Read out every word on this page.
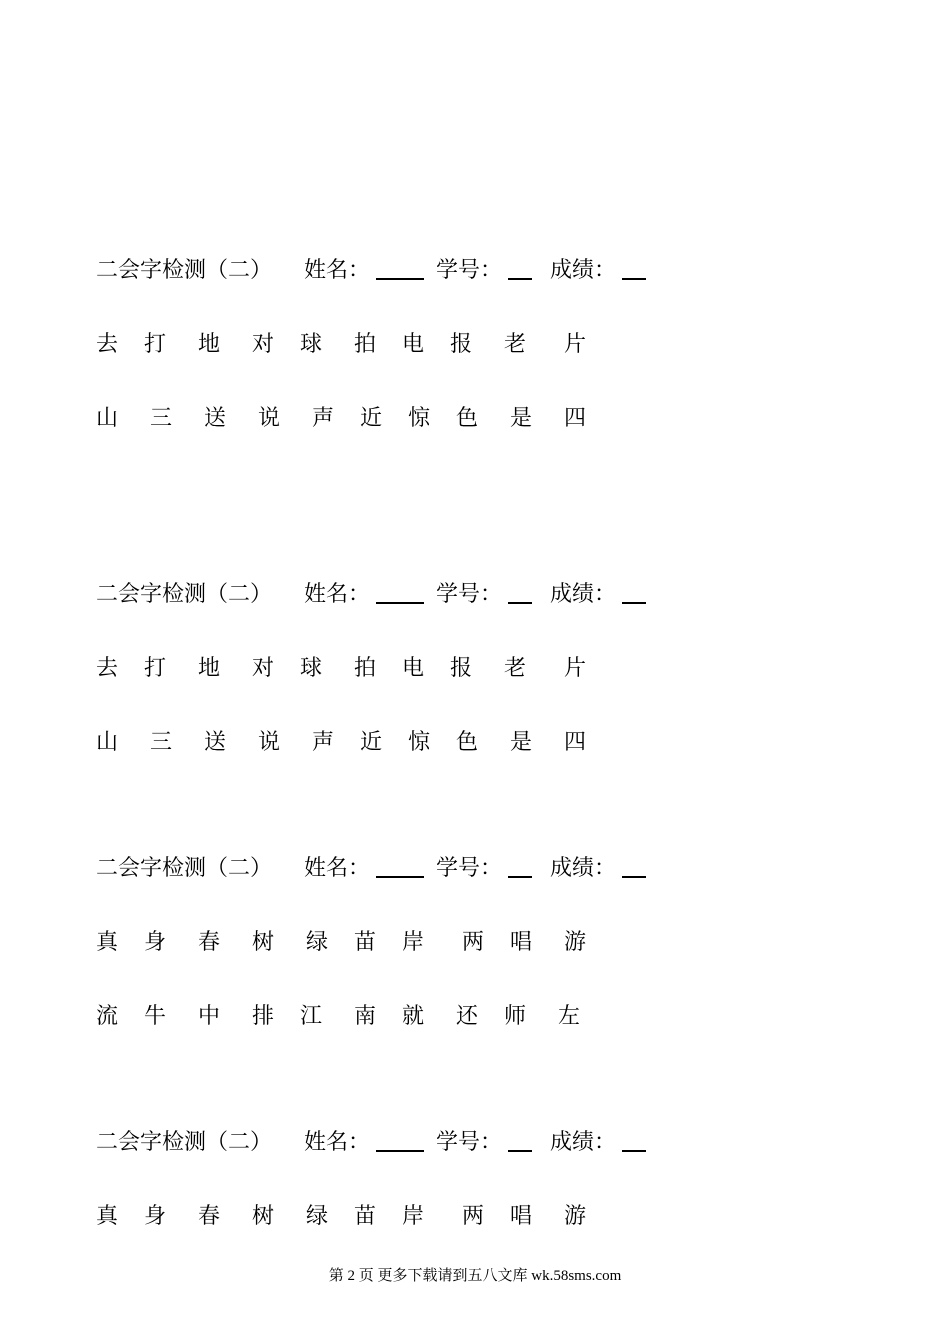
二会字检测（二） 姓名：	学号： 成绩：
去 打 地 对 球 拍 电 报 老 片
山 三 送 说 声 近 惊 色 是 四
二会字检测（二） 姓名：	学号： 成绩：
去 打 地 对 球 拍 电 报 老 片
山 三 送 说 声 近 惊 色 是 四
二会字检测（二） 姓名：	学号： 成绩：
真 身 春 树 绿 苗 岸 两 唱 游
流 牛 中 排 江 南 就 还 师 左
二会字检测（二） 姓名：	学号： 成绩：
真 身 春 树 绿 苗 岸 两 唱 游
第 2 页 更多下载请到五八文库 wk.58sms.com
